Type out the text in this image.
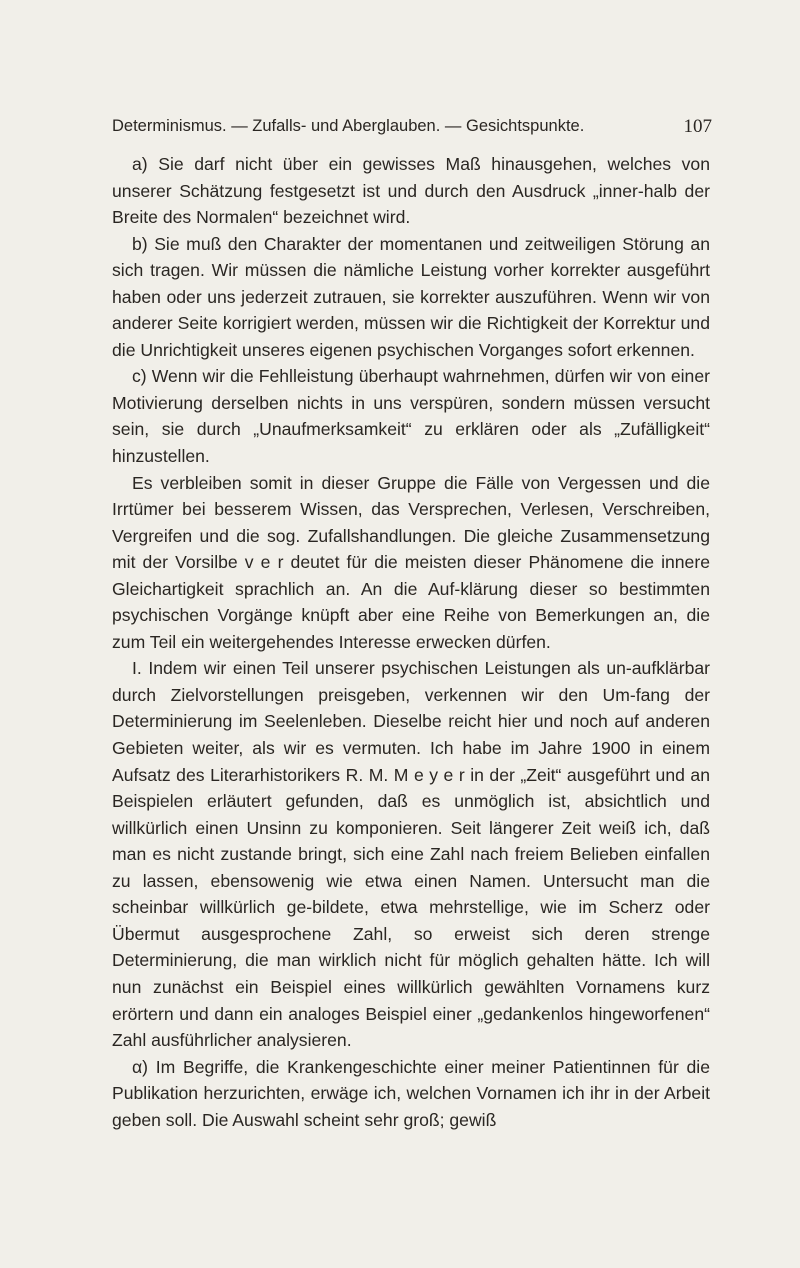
Determinismus. — Zufalls- und Aberglauben. — Gesichtspunkte.	107

a) Sie darf nicht über ein gewisses Maß hinausgehen, welches von unserer Schätzung festgesetzt ist und durch den Ausdruck „inner-halb der Breite des Normalen“ bezeichnet wird.

b) Sie muß den Charakter der momentanen und zeitweiligen Störung an sich tragen. Wir müssen die nämliche Leistung vorher korrekter ausgeführt haben oder uns jederzeit zutrauen, sie korrekter auszuführen. Wenn wir von anderer Seite korrigiert werden, müssen wir die Richtigkeit der Korrektur und die Unrichtigkeit unseres eigenen psychischen Vorganges sofort erkennen.

c) Wenn wir die Fehlleistung überhaupt wahrnehmen, dürfen wir von einer Motivierung derselben nichts in uns verspüren, sondern müssen versucht sein, sie durch „Unaufmerksamkeit“ zu erklären oder als „Zufälligkeit“ hinzustellen.

Es verbleiben somit in dieser Gruppe die Fälle von Vergessen und die Irrtümer bei besserem Wissen, das Versprechen, Verlesen, Verschreiben, Vergreifen und die sog. Zufallshandlungen. Die gleiche Zusammensetzung mit der Vorsilbe v e r deutet für die meisten dieser Phänomene die innere Gleichartigkeit sprachlich an. An die Auf-klärung dieser so bestimmten psychischen Vorgänge knüpft aber eine Reihe von Bemerkungen an, die zum Teil ein weitergehendes Interesse erwecken dürfen.

I. Indem wir einen Teil unserer psychischen Leistungen als un-aufklärbar durch Zielvorstellungen preisgeben, verkennen wir den Um-fang der Determinierung im Seelenleben. Dieselbe reicht hier und noch auf anderen Gebieten weiter, als wir es vermuten. Ich habe im Jahre 1900 in einem Aufsatz des Literarhistorikers R. M. M e y e r in der „Zeit“ ausgeführt und an Beispielen erläutert gefunden, daß es unmöglich ist, absichtlich und willkürlich einen Unsinn zu komponieren. Seit längerer Zeit weiß ich, daß man es nicht zustande bringt, sich eine Zahl nach freiem Belieben einfallen zu lassen, ebensowenig wie etwa einen Namen. Untersucht man die scheinbar willkürlich ge-bildete, etwa mehrstellige, wie im Scherz oder Übermut ausgesprochene Zahl, so erweist sich deren strenge Determinierung, die man wirklich nicht für möglich gehalten hätte. Ich will nun zunächst ein Beispiel eines willkürlich gewählten Vornamens kurz erörtern und dann ein analoges Beispiel einer „gedankenlos hingeworfenen“ Zahl ausführlicher analysieren.

α) Im Begriffe, die Krankengeschichte einer meiner Patientinnen für die Publikation herzurichten, erwäge ich, welchen Vornamen ich ihr in der Arbeit geben soll. Die Auswahl scheint sehr groß; gewiß
